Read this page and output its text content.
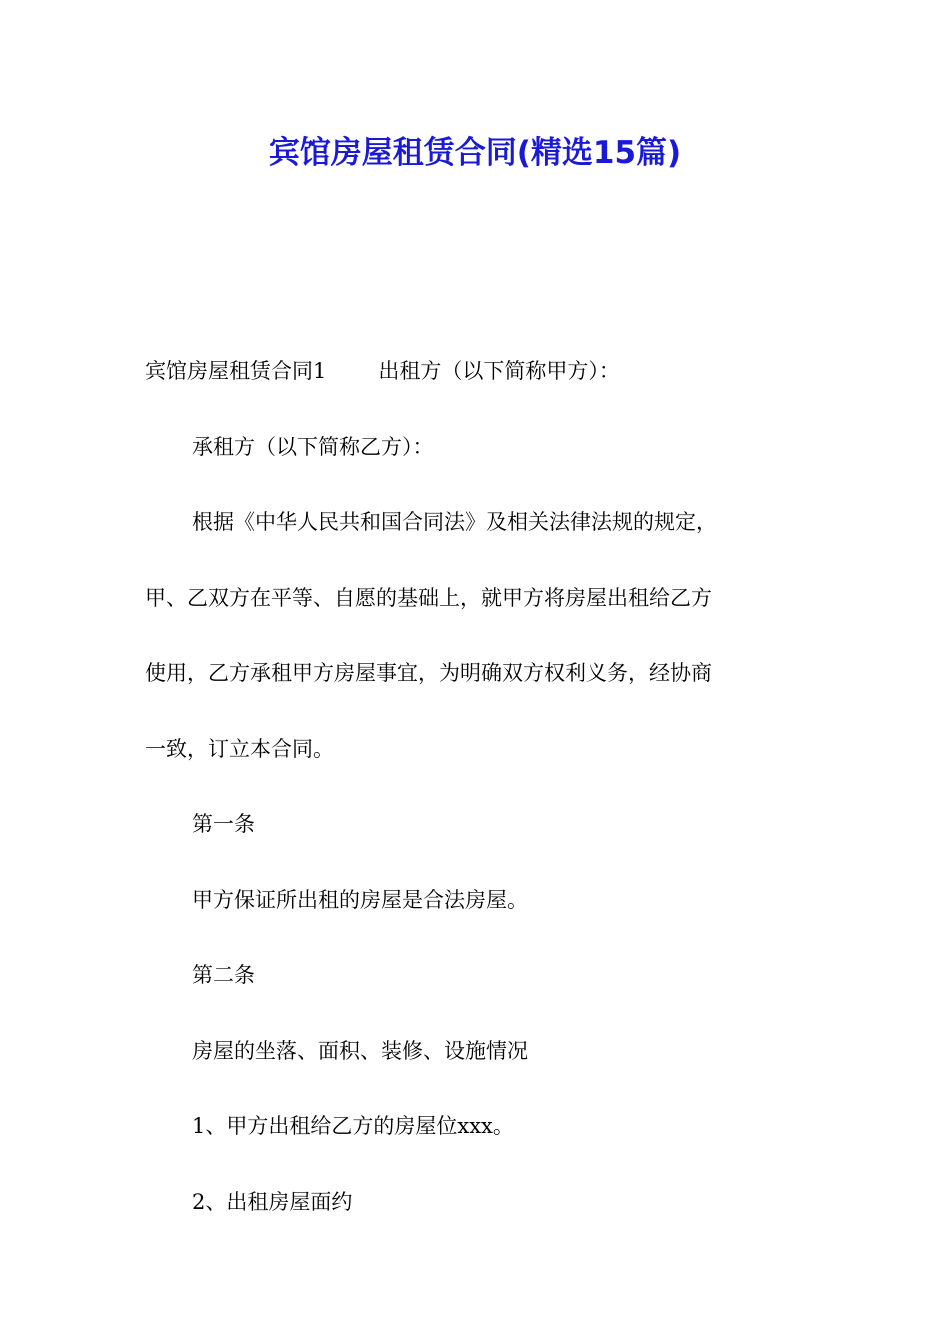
宾馆房屋租赁合同(精选15篇)
宾馆房屋租赁合同1 出租方（以下简称甲方）：
承租方（以下简称乙方）：
根据《中华人民共和国合同法》及相关法律法规的规定，
甲、乙双方在平等、自愿的基础上，就甲方将房屋出租给乙方
使用，乙方承租甲方房屋事宜，为明确双方权利义务，经协商
一致，订立本合同。
第一条
甲方保证所出租的房屋是合法房屋。
第二条
房屋的坐落、面积、装修、设施情况
1、甲方出租给乙方的房屋位xxx。
2、出租房屋面约
